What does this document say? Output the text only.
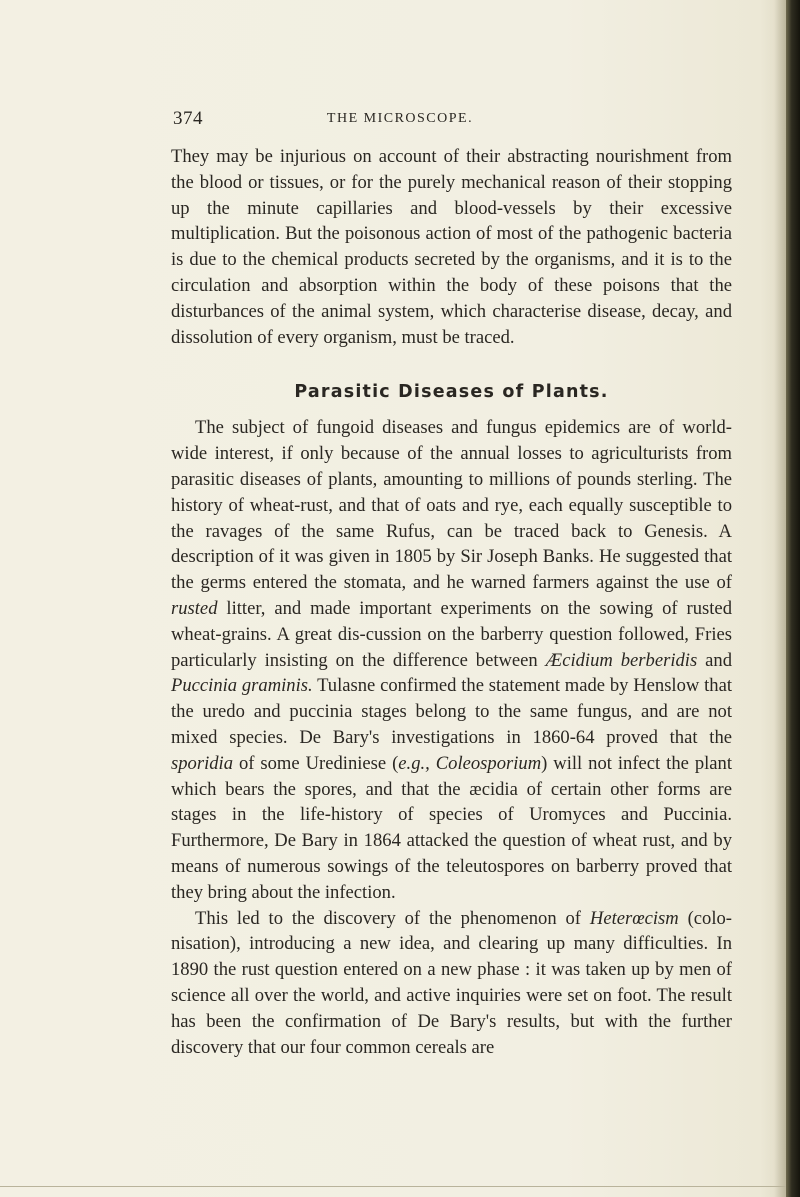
374	THE MICROSCOPE.

They may be injurious on account of their abstracting nourishment from the blood or tissues, or for the purely mechanical reason of their stopping up the minute capillaries and blood-vessels by their excessive multiplication. But the poisonous action of most of the pathogenic bacteria is due to the chemical products secreted by the organisms, and it is to the circulation and absorption within the body of these poisons that the disturbances of the animal system, which characterise disease, decay, and dissolution of every organism, must be traced.

Parasitic Diseases of Plants.

The subject of fungoid diseases and fungus epidemics are of world-wide interest, if only because of the annual losses to agriculturists from parasitic diseases of plants, amounting to millions of pounds sterling. The history of wheat-rust, and that of oats and rye, each equally susceptible to the ravages of the same Rufus, can be traced back to Genesis. A description of it was given in 1805 by Sir Joseph Banks. He suggested that the germs entered the stomata, and he warned farmers against the use of rusted litter, and made important experiments on the sowing of rusted wheat-grains. A great dis-cussion on the barberry question followed, Fries particularly insisting on the difference between Æcidium berberidis and Puccinia graminis. Tulasne confirmed the statement made by Henslow that the uredo and puccinia stages belong to the same fungus, and are not mixed species. De Bary's investigations in 1860-64 proved that the sporidia of some Urediniese (e.g., Coleosporium) will not infect the plant which bears the spores, and that the æcidia of certain other forms are stages in the life-history of species of Uromyces and Puccinia. Furthermore, De Bary in 1864 attacked the question of wheat rust, and by means of numerous sowings of the teleutospores on barberry proved that they bring about the infection.

This led to the discovery of the phenomenon of Heterœcism (colo-nisation), introducing a new idea, and clearing up many difficulties. In 1890 the rust question entered on a new phase : it was taken up by men of science all over the world, and active inquiries were set on foot. The result has been the confirmation of De Bary's results, but with the further discovery that our four common cereals are
